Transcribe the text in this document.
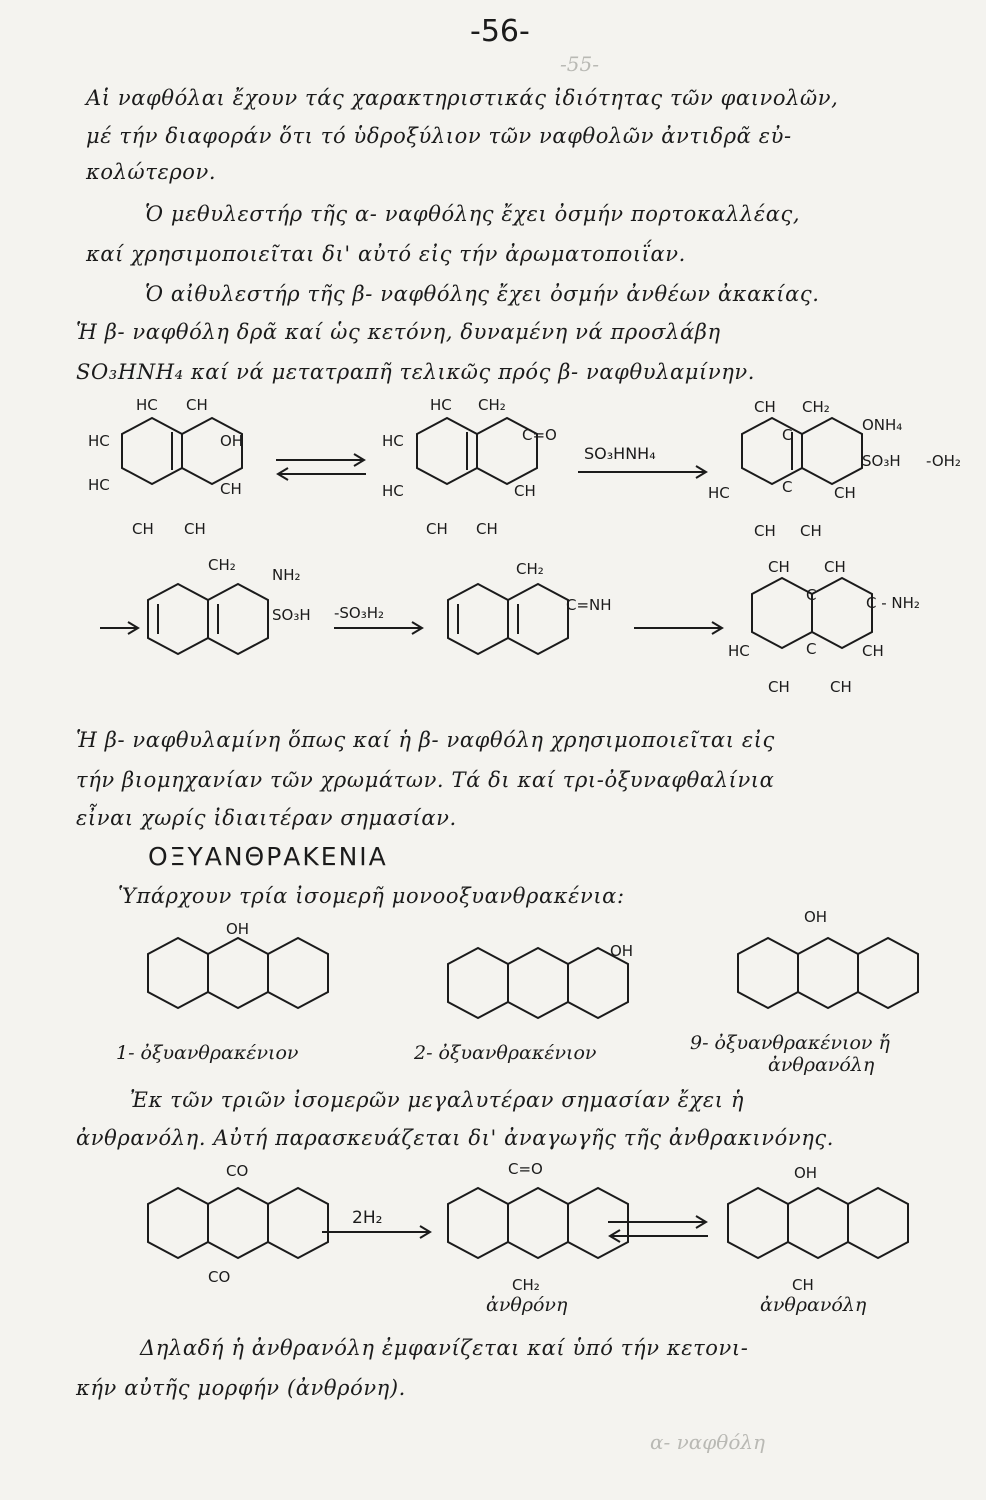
-55-
-56-
Αἱ ναφθόλαι ἔχουν τάς χαρακτηριστικάς ἰδιότητας τῶν φαινολῶν,
μέ τήν διαφοράν ὅτι τό ὑδροξύλιον τῶν ναφθολῶν ἀντιδρᾶ εὐ-
κολώτερον.
Ὁ μεθυλεστήρ τῆς α- ναφθόλης ἔχει ὀσμήν πορτοκαλλέας,
καί χρησιμοποιεῖται δι' αὐτό εἰς τήν ἀρωματοποιΐαν.
Ὁ αἰθυλεστήρ τῆς β- ναφθόλης ἔχει ὀσμήν ἀνθέων ἀκακίας.
Ἡ β- ναφθόλη δρᾶ καί ὡς κετόνη, δυναμένη νά προσλάβη
SO₃HNH₄ καί νά μετατραπῆ τελικῶς πρός β- ναφθυλαμίνην.
HC CH
HC	OH
HC	CH
CH CH
HC CH₂
HC	C=O
HC	CH
CH CH
SO₃HNH₄
CH CH₂
C
ONH₄
SO₃H -OH₂
HC	C	CH
CH CH
CH₂
NH₂
SO₃H -SO₃H₂
CH₂
C=NH
CH CH
C	C - NH₂
HC	C	CH
CH	CH
Ἡ β- ναφθυλαμίνη ὅπως καί ἡ β- ναφθόλη χρησιμοποιεῖται εἰς
τήν βιομηχανίαν τῶν χρωμάτων. Τά δι καί τρι-ὀξυναφθαλίνια
εἶναι χωρίς ἰδιαιτέραν σημασίαν.
ΟΞΥΑΝΘΡΑΚΕΝΙΑ
Ὑπάρχουν τρία ἰσομερῆ μονοοξυανθρακένια:
OH
1- ὀξυανθρακένιον
OH
2- ὀξυανθρακένιον
OH
9- ὀξυανθρακένιον ἤ
ἀνθρανόλη
Ἐκ τῶν τριῶν ἰσομερῶν μεγαλυτέραν σημασίαν ἔχει ἡ
ἀνθρανόλη. Αὐτή παρασκευάζεται δι' ἀναγωγῆς τῆς ἀνθρακινόνης.
CO
CO
2H₂
C=O
CH₂
ἀνθρόνη
OH
CH
ἀνθρανόλη
Δηλαδή ἡ ἀνθρανόλη ἐμφανίζεται καί ὑπό τήν κετονι-
κήν αὐτῆς μορφήν (ἀνθρόνη).
α- ναφθόλη
